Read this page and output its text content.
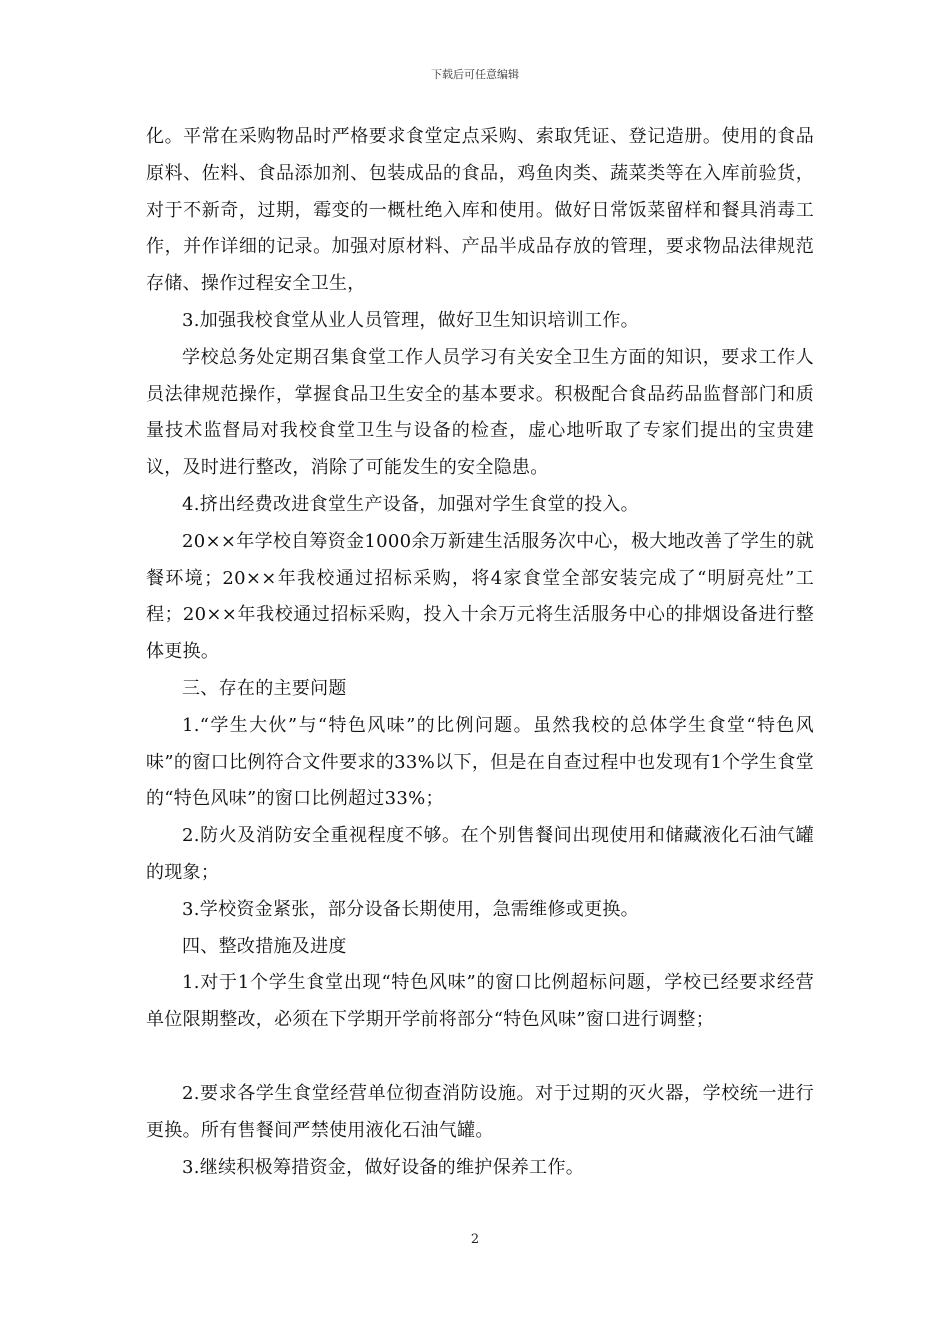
下载后可任意编辑

化。平常在采购物品时严格要求食堂定点采购、索取凭证、登记造册。使用的食品原料、佐料、食品添加剂、包装成品的食品，鸡鱼肉类、蔬菜类等在入库前验货，对于不新奇，过期，霉变的一概杜绝入库和使用。做好日常饭菜留样和餐具消毒工作，并作详细的记录。加强对原材料、产品半成品存放的管理，要求物品法律规范存储、操作过程安全卫生，

3.加强我校食堂从业人员管理，做好卫生知识培训工作。

学校总务处定期召集食堂工作人员学习有关安全卫生方面的知识，要求工作人员法律规范操作，掌握食品卫生安全的基本要求。积极配合食品药品监督部门和质量技术监督局对我校食堂卫生与设备的检查，虚心地听取了专家们提出的宝贵建议，及时进行整改，消除了可能发生的安全隐患。

4.挤出经费改进食堂生产设备，加强对学生食堂的投入。

20××年学校自筹资金1000余万新建生活服务次中心，极大地改善了学生的就餐环境；20××年我校通过招标采购，将4家食堂全部安装完成了“明厨亮灶”工程；20××年我校通过招标采购，投入十余万元将生活服务中心的排烟设备进行整体更换。

三、存在的主要问题

1.“学生大伙”与“特色风味”的比例问题。虽然我校的总体学生食堂“特色风味”的窗口比例符合文件要求的33%以下，但是在自查过程中也发现有1个学生食堂的“特色风味”的窗口比例超过33%；

2.防火及消防安全重视程度不够。在个别售餐间出现使用和储藏液化石油气罐的现象；

3.学校资金紧张，部分设备长期使用，急需维修或更换。

四、整改措施及进度

1.对于1个学生食堂出现“特色风味”的窗口比例超标问题，学校已经要求经营单位限期整改，必须在下学期开学前将部分“特色风味”窗口进行调整；

2.要求各学生食堂经营单位彻查消防设施。对于过期的灭火器，学校统一进行更换。所有售餐间严禁使用液化石油气罐。

3.继续积极筹措资金，做好设备的维护保养工作。

2
